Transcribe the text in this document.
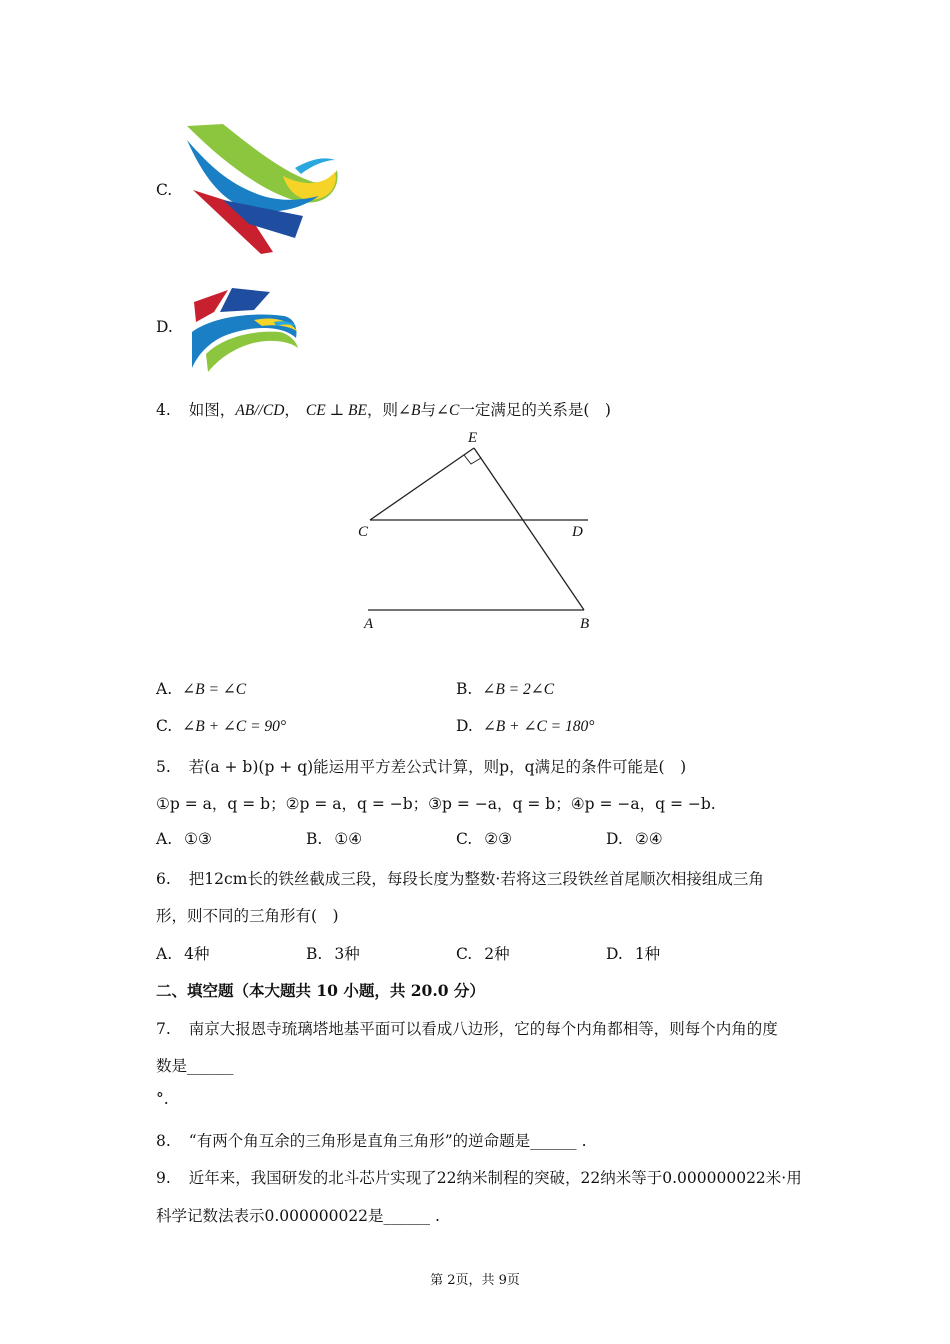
C.
D.
4. 如图，AB//CD， CE ⊥ BE，则∠B与∠C一定满足的关系是(　)
E
C	D
A	B
A. ∠B = ∠C	B. ∠B = 2∠C
C. ∠B + ∠C = 90°	D. ∠B + ∠C = 180°
5. 若(a + b)(p + q)能运用平方差公式计算，则p，q满足的条件可能是(　)
①p = a，q = b；②p = a，q = −b；③p = −a，q = b；④p = −a，q = −b.
A. ①③	B. ①④	C. ②③	D. ②④
6. 把12cm长的铁丝截成三段，每段长度为整数·若将这三段铁丝首尾顺次相接组成三角
形，则不同的三角形有(　)
A. 4种	B. 3种	C. 2种	D. 1种
二、填空题（本大题共 10 小题，共 20.0 分）
7. 南京大报恩寺琉璃塔地基平面可以看成八边形，它的每个内角都相等，则每个内角的度
数是______
°.
8. “有两个角互余的三角形是直角三角形”的逆命题是______ .
9. 近年来，我国研发的北斗芯片实现了22纳米制程的突破，22纳米等于0.000000022米·用
科学记数法表示0.000000022是______ .
第 2页，共 9页
